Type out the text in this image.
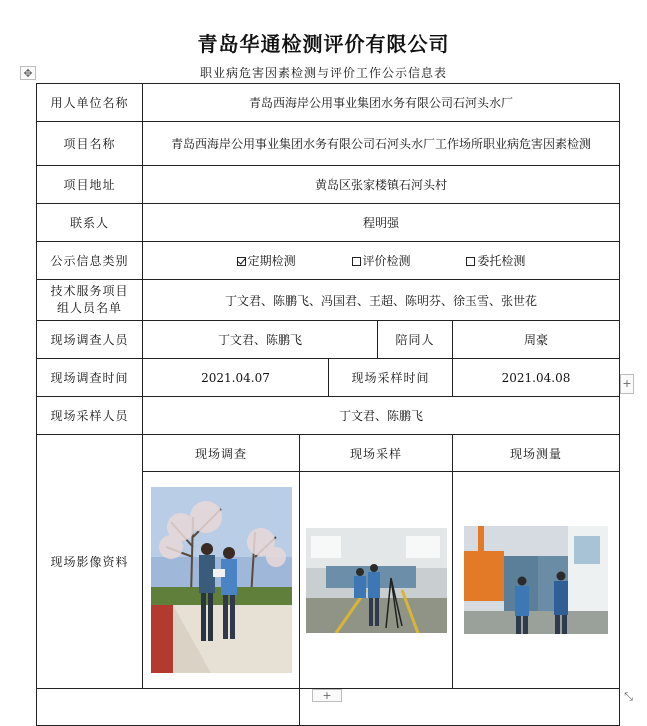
青岛华通检测评价有限公司
职业病危害因素检测与评价工作公示信息表
✥
用人单位名称	青岛西海岸公用事业集团水务有限公司石河头水厂				
项目名称	青岛西海岸公用事业集团水务有限公司石河头水厂工作场所职业病危害因素检测				
项目地址	黄岛区张家楼镇石河头村				
联系人	程明强				
公示信息类别	定期检测 评价检测 委托检测				
技术服务项目组人员名单	丁文君、陈鹏飞、冯国君、王超、陈明芬、徐玉雪、张世花				
现场调查人员	丁文君、陈鹏飞			陪同人	周豪
现场调查时间	2021.04.07		现场采样时间		2021.04.08
现场采样人员	丁文君、陈鹏飞				
现场影像资料	现场调查	现场采样			现场测量

+
+	⤡
